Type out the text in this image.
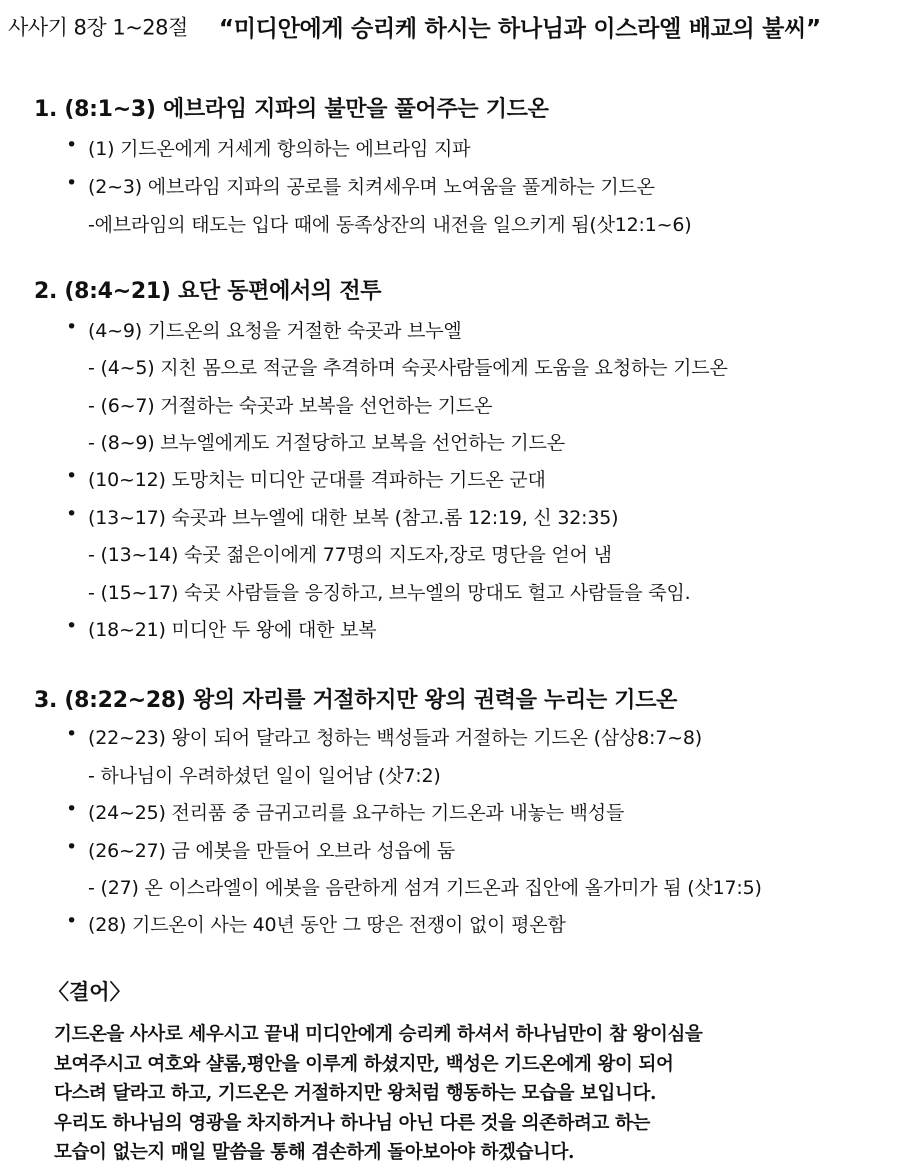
사사기 8장 1~28절 “미디안에게 승리케 하시는 하나님과 이스라엘 배교의 불씨”
1. (8:1~3) 에브라임 지파의 불만을 풀어주는 기드온
• (1) 기드온에게 거세게 항의하는 에브라임 지파
• (2~3) 에브라임 지파의 공로를 치켜세우며 노여움을 풀게하는 기드온
-에브라임의 태도는 입다 때에 동족상잔의 내전을 일으키게 됨(삿12:1~6)
2. (8:4~21) 요단 동편에서의 전투
• (4~9) 기드온의 요청을 거절한 숙곳과 브누엘
- (4~5) 지친 몸으로 적군을 추격하며 숙곳사람들에게 도움을 요청하는 기드온
- (6~7) 거절하는 숙곳과 보복을 선언하는 기드온
- (8~9) 브누엘에게도 거절당하고 보복을 선언하는 기드온
• (10~12) 도망치는 미디안 군대를 격파하는 기드온 군대
• (13~17) 숙곳과 브누엘에 대한 보복 (참고.롬 12:19, 신 32:35)
- (13~14) 숙곳 젊은이에게 77명의 지도자,장로 명단을 얻어 냄
- (15~17) 숙곳 사람들을 응징하고, 브누엘의 망대도 헐고 사람들을 죽임.
• (18~21) 미디안 두 왕에 대한 보복
3. (8:22~28) 왕의 자리를 거절하지만 왕의 권력을 누리는 기드온
• (22~23) 왕이 되어 달라고 청하는 백성들과 거절하는 기드온 (삼상8:7~8)
- 하나님이 우려하셨던 일이 일어남 (삿7:2)
• (24~25) 전리품 중 금귀고리를 요구하는 기드온과 내놓는 백성들
• (26~27) 금 에봇을 만들어 오브라 성읍에 둠
- (27) 온 이스라엘이 에봇을 음란하게 섬겨 기드온과 집안에 올가미가 됨 (삿17:5)
• (28) 기드온이 사는 40년 동안 그 땅은 전쟁이 없이 평온함
〈결어〉
기드온을 사사로 세우시고 끝내 미디안에게 승리케 하셔서 하나님만이 참 왕이심을
보여주시고 여호와 샬롬,평안을 이루게 하셨지만, 백성은 기드온에게 왕이 되어
다스려 달라고 하고, 기드온은 거절하지만 왕처럼 행동하는 모습을 보입니다.
우리도 하나님의 영광을 차지하거나 하나님 아닌 다른 것을 의존하려고 하는
모습이 없는지 매일 말씀을 통해 겸손하게 돌아보아야 하겠습니다.
